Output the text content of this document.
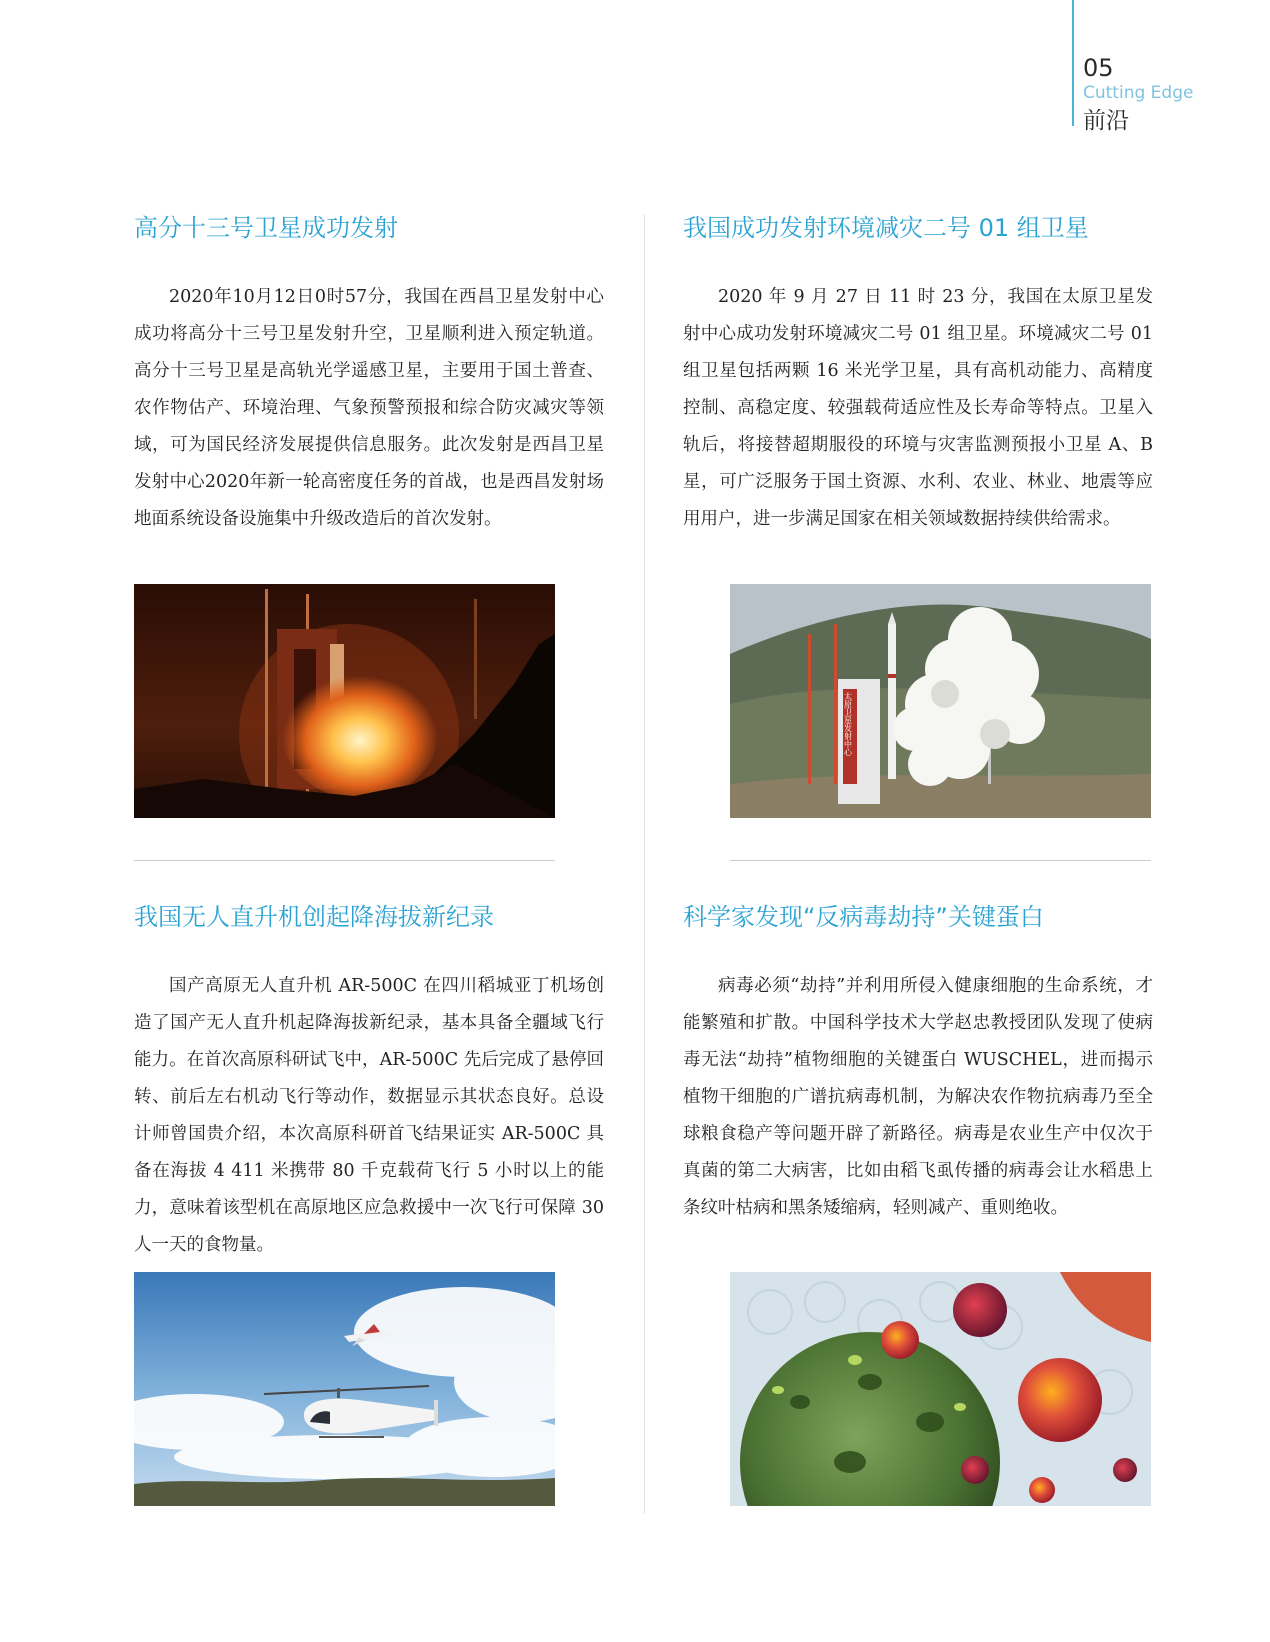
05
Cutting Edge
前沿
高分十三号卫星成功发射

2020年10月12日0时57分，我国在西昌卫星发射中心成功将高分十三号卫星发射升空，卫星顺利进入预定轨道。高分十三号卫星是高轨光学遥感卫星，主要用于国土普查、农作物估产、环境治理、气象预警预报和综合防灾减灾等领域，可为国民经济发展提供信息服务。此次发射是西昌卫星发射中心2020年新一轮高密度任务的首战，也是西昌发射场地面系统设备设施集中升级改造后的首次发射。

我国成功发射环境减灾二号 01 组卫星

2020 年 9 月 27 日 11 时 23 分，我国在太原卫星发射中心成功发射环境减灾二号 01 组卫星。环境减灾二号 01 组卫星包括两颗 16 米光学卫星，具有高机动能力、高精度控制、高稳定度、较强载荷适应性及长寿命等特点。卫星入轨后，将接替超期服役的环境与灾害监测预报小卫星 A、B 星，可广泛服务于国土资源、水利、农业、林业、地震等应用用户，进一步满足国家在相关领域数据持续供给需求。

太原卫星发射中心
我国无人直升机创起降海拔新纪录

国产高原无人直升机 AR-500C 在四川稻城亚丁机场创造了国产无人直升机起降海拔新纪录，基本具备全疆域飞行能力。在首次高原科研试飞中，AR-500C 先后完成了悬停回转、前后左右机动飞行等动作，数据显示其状态良好。总设计师曾国贵介绍，本次高原科研首飞结果证实 AR-500C 具备在海拔 4 411 米携带 80 千克载荷飞行 5 小时以上的能力，意味着该型机在高原地区应急救援中一次飞行可保障 30 人一天的食物量。

科学家发现“反病毒劫持”关键蛋白

病毒必须“劫持”并利用所侵入健康细胞的生命系统，才能繁殖和扩散。中国科学技术大学赵忠教授团队发现了使病毒无法“劫持”植物细胞的关键蛋白 WUSCHEL，进而揭示植物干细胞的广谱抗病毒机制，为解决农作物抗病毒乃至全球粮食稳产等问题开辟了新路径。病毒是农业生产中仅次于真菌的第二大病害，比如由稻飞虱传播的病毒会让水稻患上条纹叶枯病和黑条矮缩病，轻则减产、重则绝收。
